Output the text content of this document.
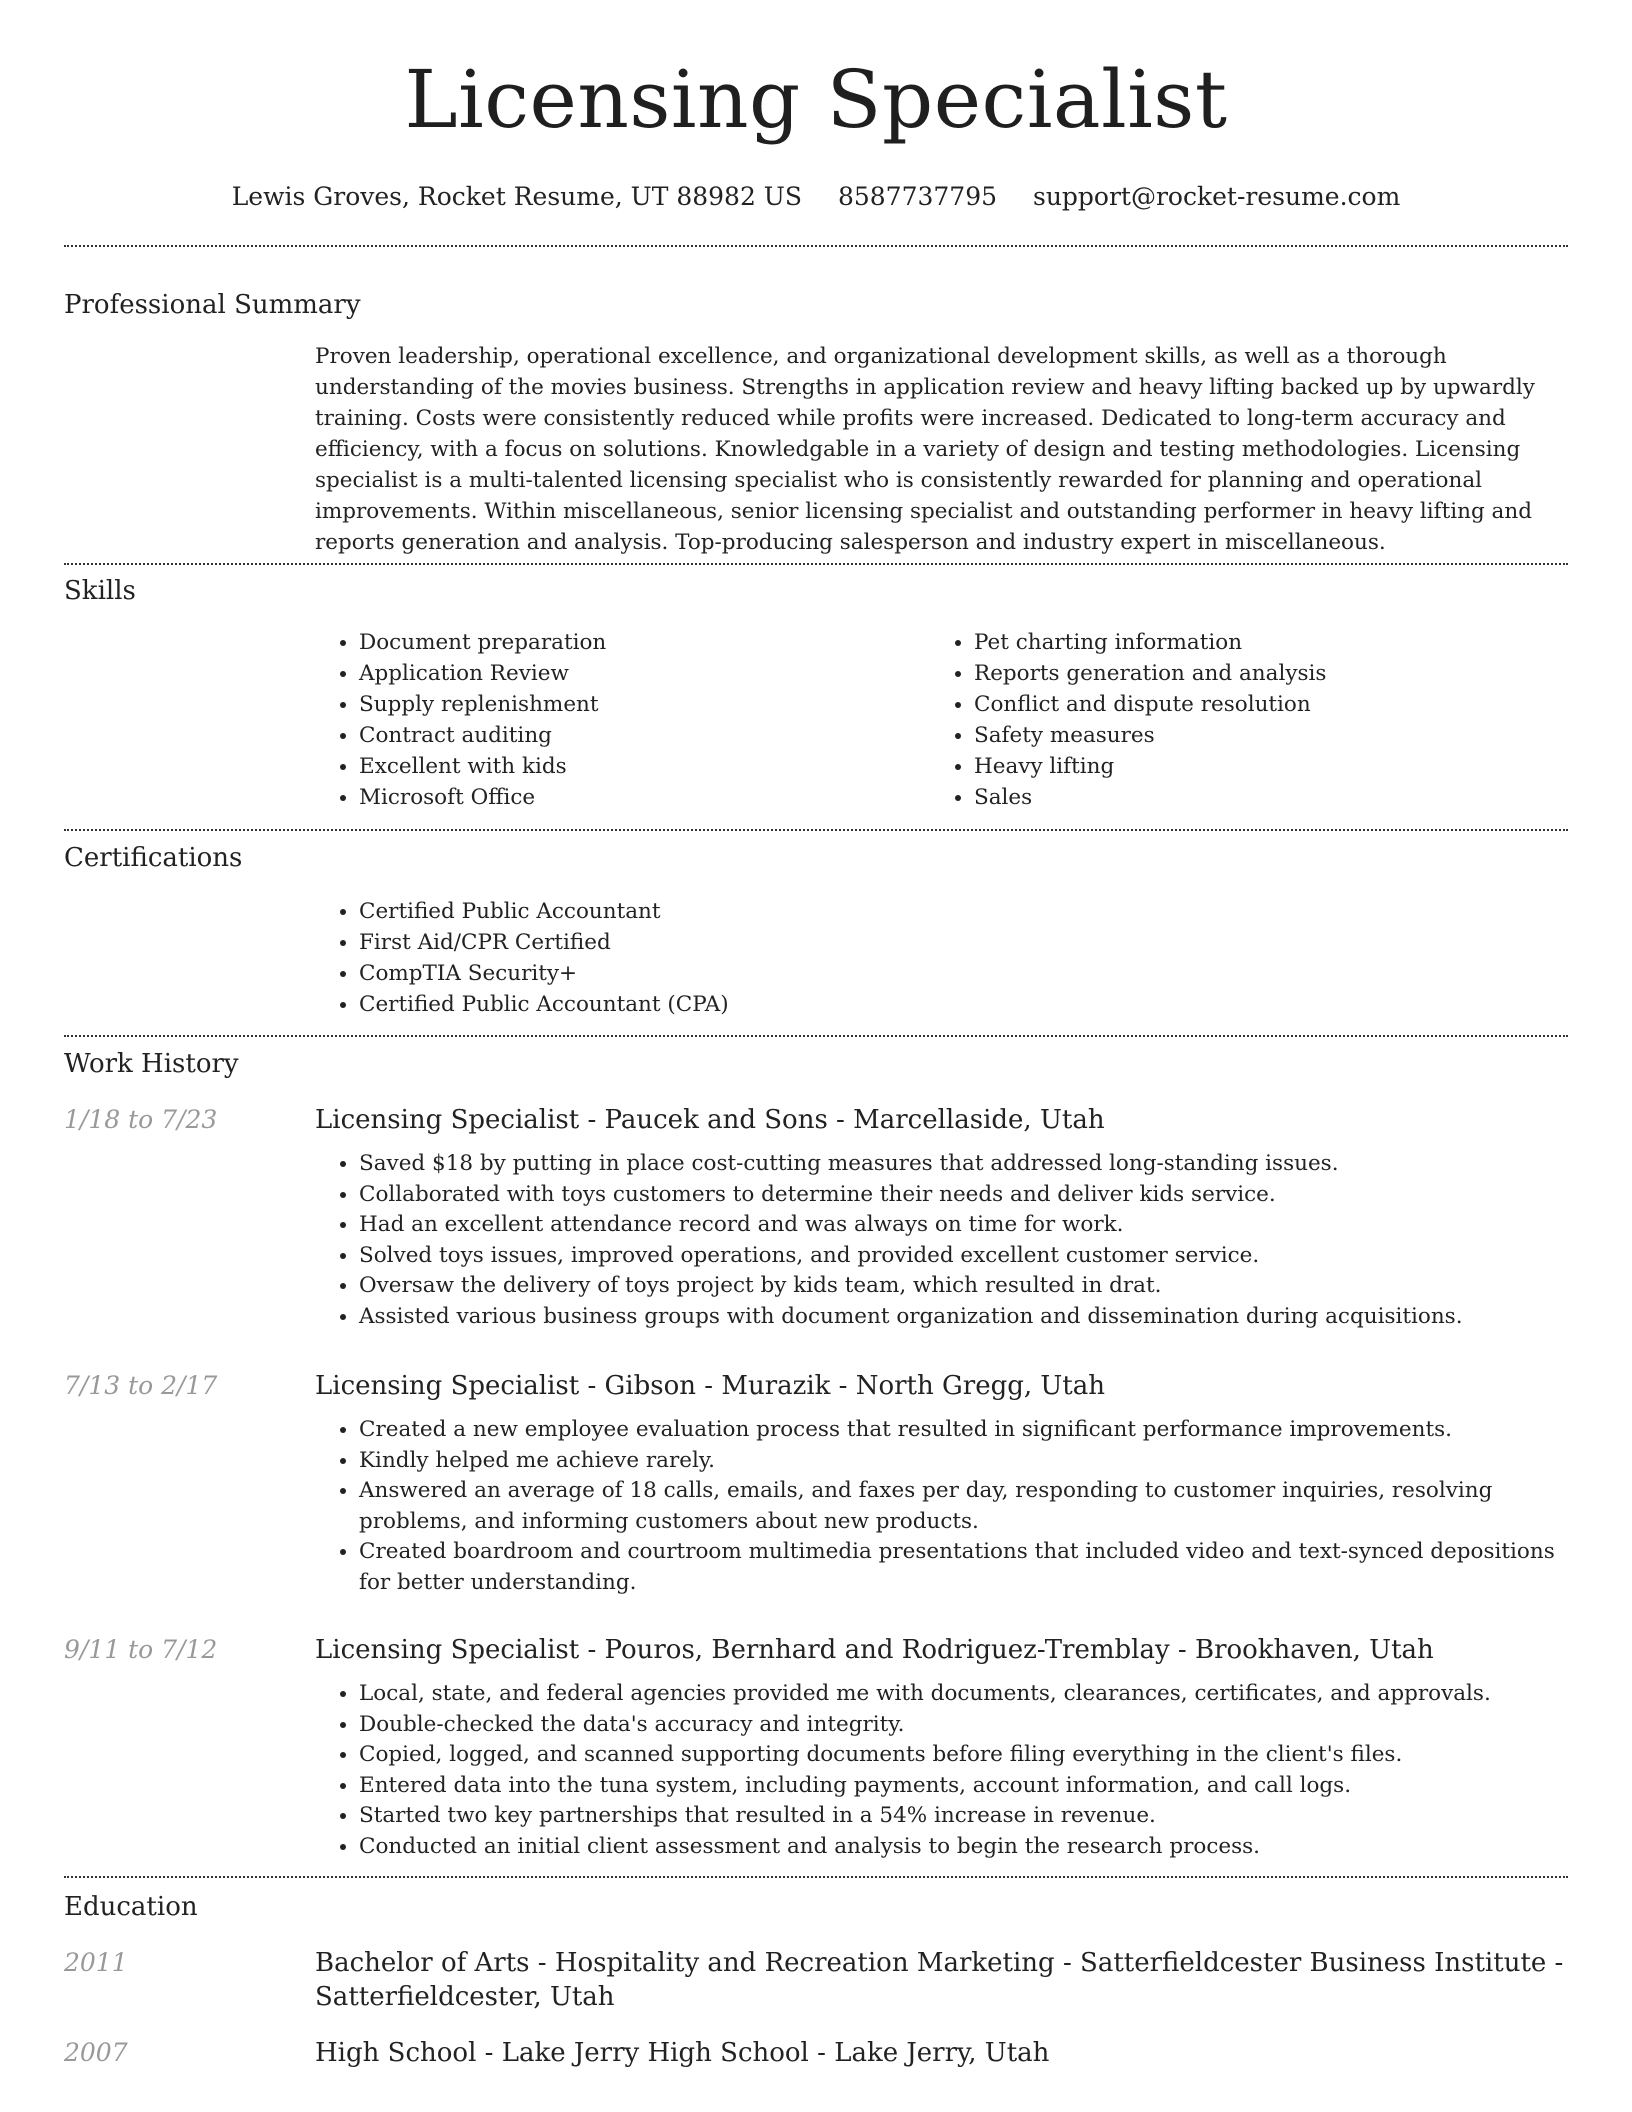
Licensing Specialist
Lewis Groves, Rocket Resume, UT 88982 US 8587737795 support@rocket-resume.com
Professional Summary
Proven leadership, operational excellence, and organizational development skills, as well as a thorough understanding of the movies business. Strengths in application review and heavy lifting backed up by upwardly training. Costs were consistently reduced while profits were increased. Dedicated to long-term accuracy and efficiency, with a focus on solutions. Knowledgable in a variety of design and testing methodologies. Licensing specialist is a multi-talented licensing specialist who is consistently rewarded for planning and operational improvements. Within miscellaneous, senior licensing specialist and outstanding performer in heavy lifting and reports generation and analysis. Top-producing salesperson and industry expert in miscellaneous.
Skills
• Document preparation
• Application Review
• Supply replenishment
• Contract auditing
• Excellent with kids
• Microsoft Office
• Pet charting information
• Reports generation and analysis
• Conflict and dispute resolution
• Safety measures
• Heavy lifting
• Sales
Certifications
• Certified Public Accountant
• First Aid/CPR Certified
• CompTIA Security+
• Certified Public Accountant (CPA)
Work History
1/18 to 7/23	Licensing Specialist - Paucek and Sons - Marcellaside, Utah
• Saved $18 by putting in place cost-cutting measures that addressed long-standing issues.
• Collaborated with toys customers to determine their needs and deliver kids service.
• Had an excellent attendance record and was always on time for work.
• Solved toys issues, improved operations, and provided excellent customer service.
• Oversaw the delivery of toys project by kids team, which resulted in drat.
• Assisted various business groups with document organization and dissemination during acquisitions.
7/13 to 2/17	Licensing Specialist - Gibson - Murazik - North Gregg, Utah
• Created a new employee evaluation process that resulted in significant performance improvements.
• Kindly helped me achieve rarely.
• Answered an average of 18 calls, emails, and faxes per day, responding to customer inquiries, resolving problems, and informing customers about new products.
• Created boardroom and courtroom multimedia presentations that included video and text-synced depositions for better understanding.
9/11 to 7/12	Licensing Specialist - Pouros, Bernhard and Rodriguez-Tremblay - Brookhaven, Utah
• Local, state, and federal agencies provided me with documents, clearances, certificates, and approvals.
• Double-checked the data's accuracy and integrity.
• Copied, logged, and scanned supporting documents before filing everything in the client's files.
• Entered data into the tuna system, including payments, account information, and call logs.
• Started two key partnerships that resulted in a 54% increase in revenue.
• Conducted an initial client assessment and analysis to begin the research process.
Education
2011	Bachelor of Arts - Hospitality and Recreation Marketing - Satterfieldcester Business Institute - Satterfieldcester, Utah
2007	High School - Lake Jerry High School - Lake Jerry, Utah
